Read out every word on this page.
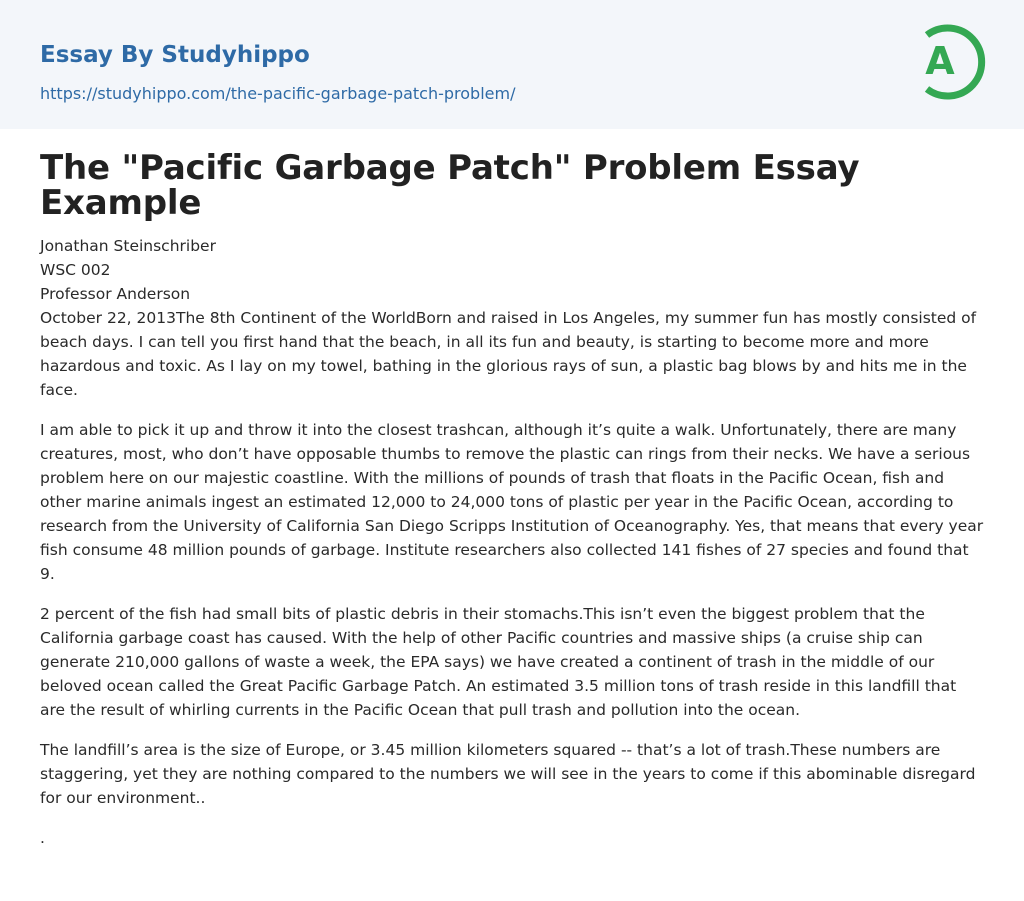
Essay By Studyhippo
https://studyhippo.com/the-pacific-garbage-patch-problem/
A
The "Pacific Garbage Patch" Problem Essay Example
Jonathan Steinschriber
WSC 002
Professor Anderson

October 22, 2013The 8th Continent of the WorldBorn and raised in Los Angeles, my summer fun has mostly consisted of beach days. I can tell you first hand that the beach, in all its fun and beauty, is starting to become more and more hazardous and toxic. As I lay on my towel, bathing in the glorious rays of sun, a plastic bag blows by and hits me in the face.

I am able to pick it up and throw it into the closest trashcan, although it’s quite a walk. Unfortunately, there are many creatures, most, who don’t have opposable thumbs to remove the plastic can rings from their necks. We have a serious problem here on our majestic coastline. With the millions of pounds of trash that floats in the Pacific Ocean, fish and other marine animals ingest an estimated 12,000 to 24,000 tons of plastic per year in the Pacific Ocean, according to research from the University of California San Diego Scripps Institution of Oceanography. Yes, that means that every year fish consume 48 million pounds of garbage. Institute researchers also collected 141 fishes of 27 species and found that 9.

2 percent of the fish had small bits of plastic debris in their stomachs.This isn’t even the biggest problem that the California garbage coast has caused. With the help of other Pacific countries and massive ships (a cruise ship can generate 210,000 gallons of waste a week, the EPA says) we have created a continent of trash in the middle of our beloved ocean called the Great Pacific Garbage Patch. An estimated 3.5 million tons of trash reside in this landfill that are the result of whirling currents in the Pacific Ocean that pull trash and pollution into the ocean.

The landfill’s area is the size of Europe, or 3.45 million kilometers squared -- that’s a lot of trash.These numbers are staggering, yet they are nothing compared to the numbers we will see in the years to come if this abominable disregard for our environment..

.
